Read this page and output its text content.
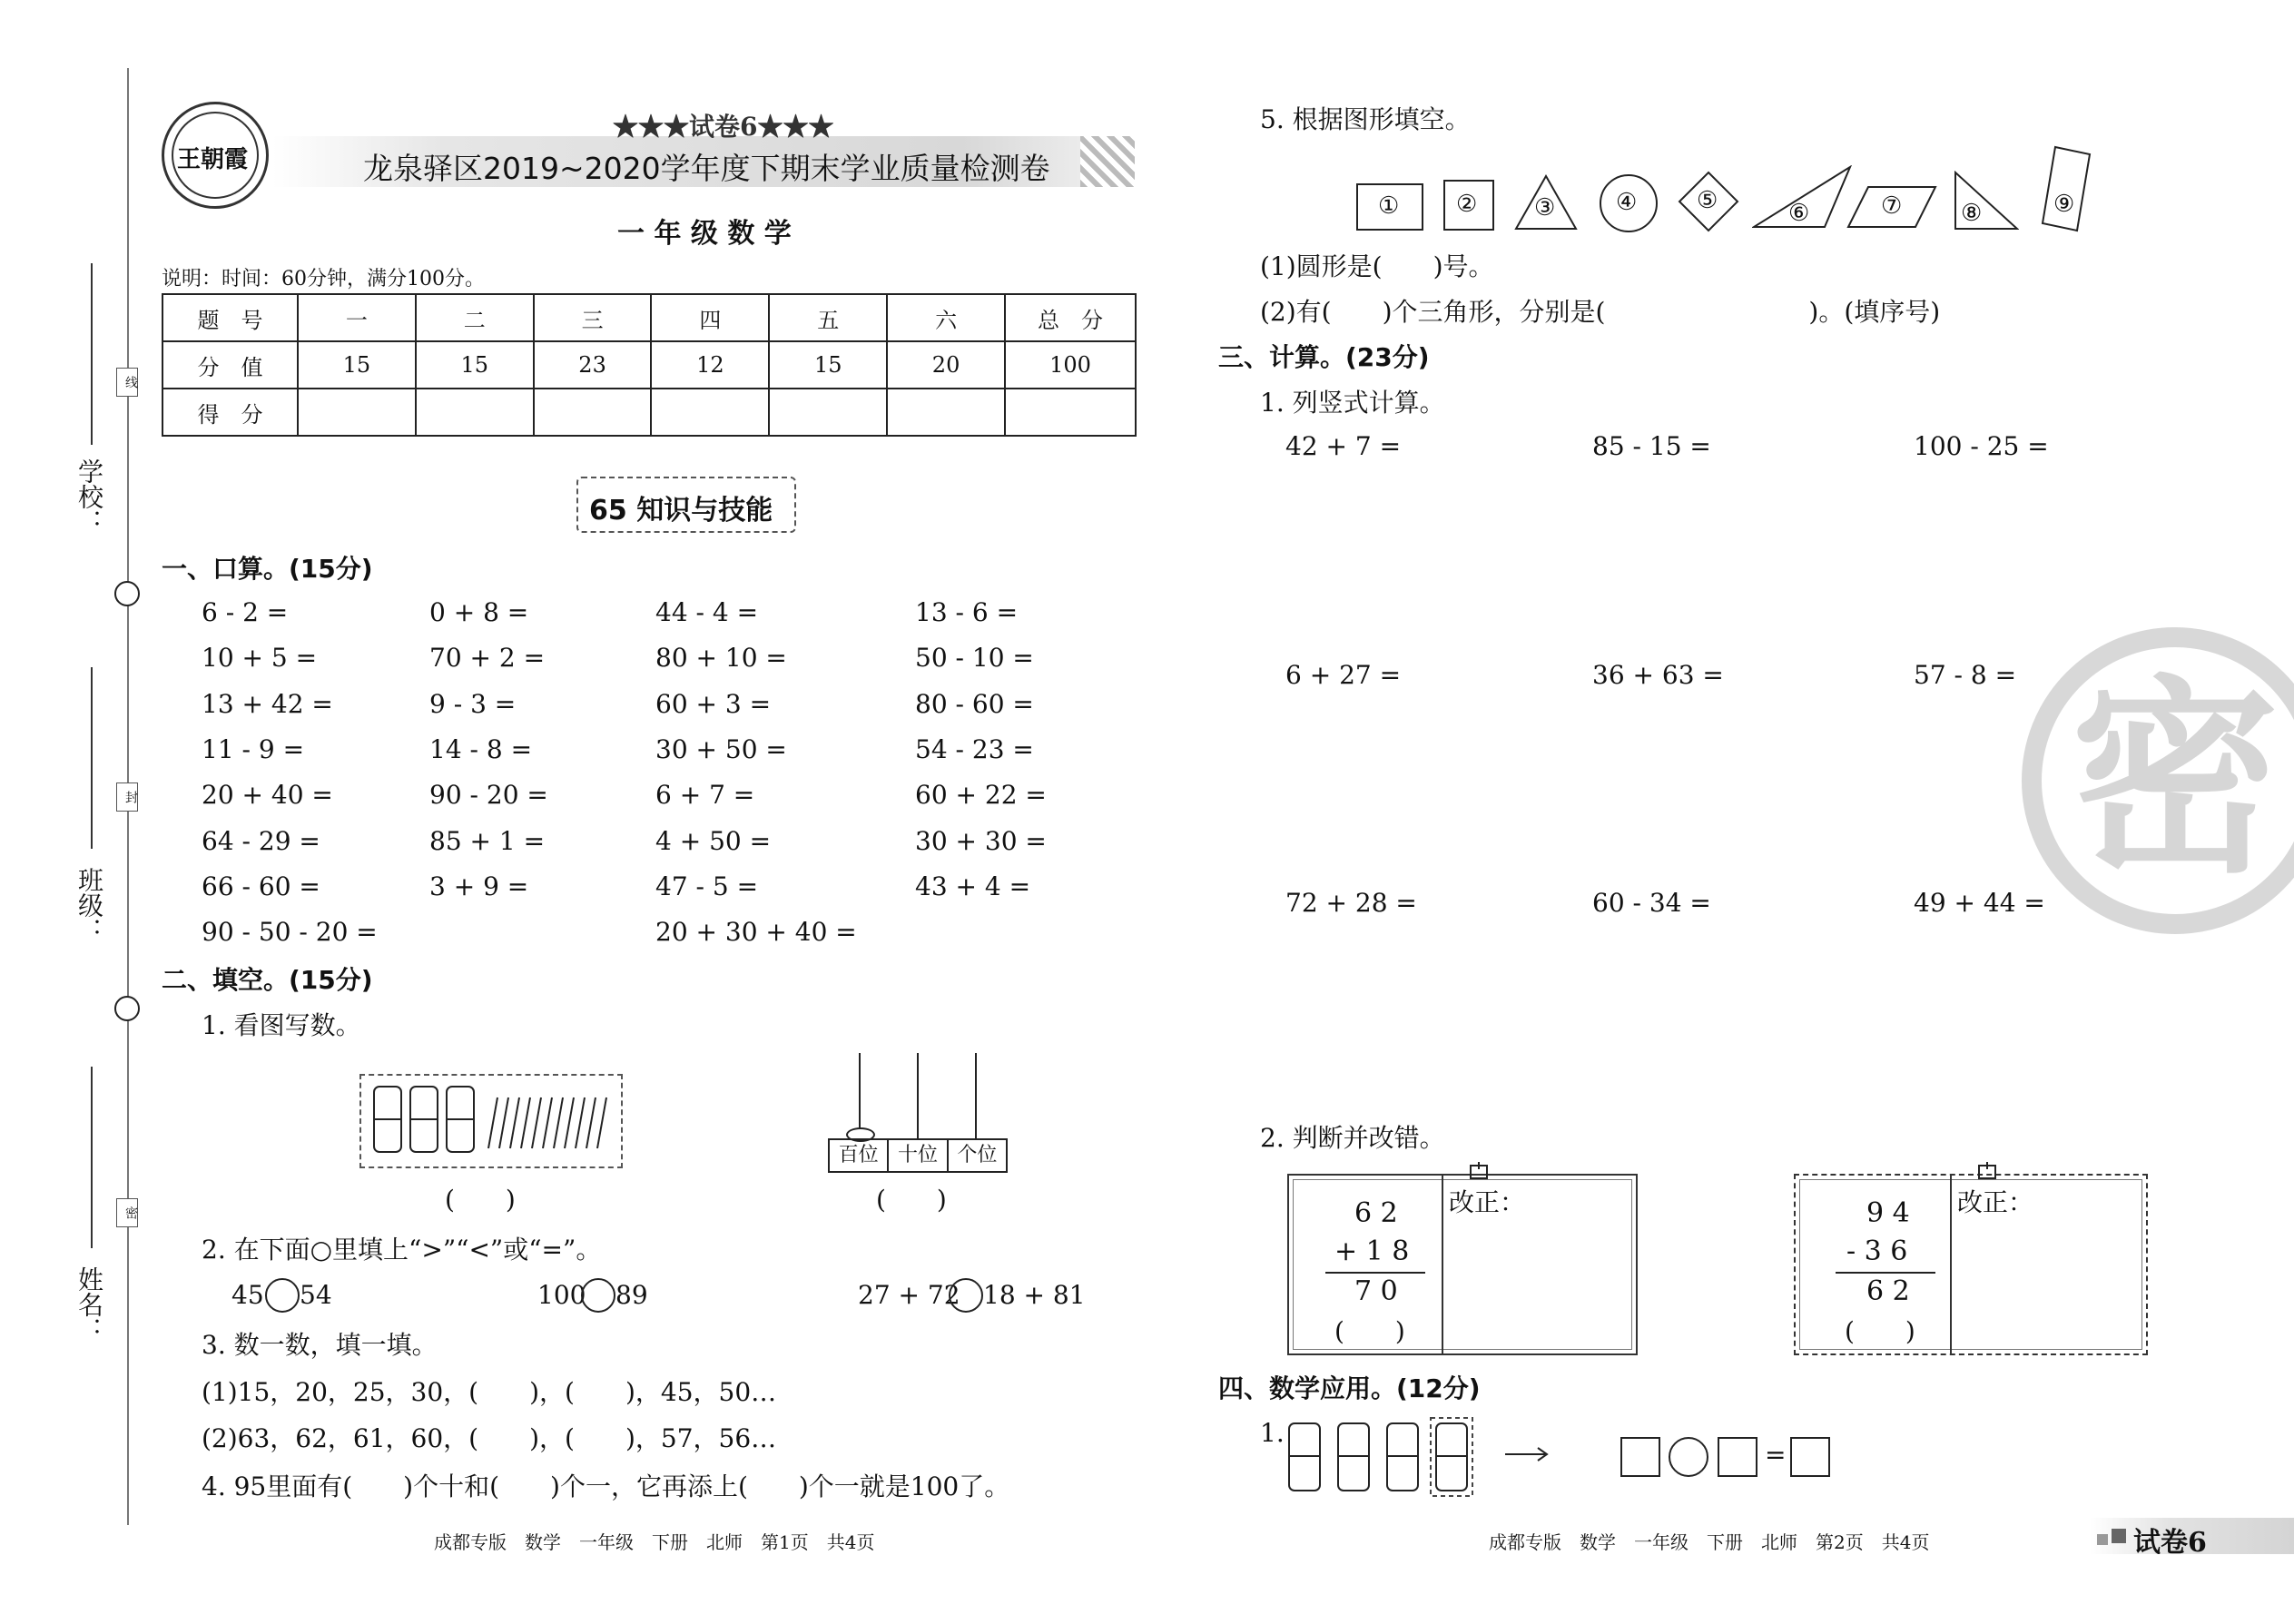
学校：
班级：
姓名：
线
封
密
王朝霞
★★★试卷6★★★
龙泉驿区2019~2020学年度下期末学业质量检测卷
一 年 级 数 学
说明：时间：60分钟，满分100分。
题　号	一	二	三	四	五	六	总　分
分　值	15	15	23	12	15	20	100
得　分							
65 知识与技能
一、口算。(15分)
6 - 2 =	0 + 8 =	44 - 4 =	13 - 6 =
10 + 5 =	70 + 2 =	80 + 10 =	50 - 10 =
13 + 42 =	9 - 3 =	60 + 3 =	80 - 60 =
11 - 9 =	14 - 8 =	30 + 50 =	54 - 23 =
20 + 40 =	90 - 20 =	6 + 7 =	60 + 22 =
64 - 29 =	85 + 1 =	4 + 50 =	30 + 30 =
66 - 60 =	3 + 9 =	47 - 5 =	43 + 4 =
90 - 50 - 20 =	20 + 30 + 40 =
二、填空。(15分)
1. 看图写数。
(　　)
百位 十位 个位
(　　)
2. 在下面○里填上“>”“<”或“=”。
45 54	100 89	27 + 72 18 + 81
3. 数一数，填一填。
(1)15，20，25，30，(　　)，(　　)，45，50…
(2)63，62，61，60，(　　)，(　　)，57，56…
4. 95里面有(　　)个十和(　　)个一，它再添上(　　)个一就是100了。
成都专版　数学　一年级　下册　北师　第1页　共4页
5. 根据图形填空。
① ② ③	④	⑤	⑥	⑦ ⑧	⑨
(1)圆形是(　　)号。
(2)有(　　)个三角形，分别是(　　　　　　　　)。(填序号)
三、计算。(23分)
1. 列竖式计算。
42 + 7 =	85 - 15 =	100 - 25 =
6 + 27 =	36 + 63 =	57 - 8 =
72 + 28 =	60 - 34 =	49 + 44 =
密
2. 判断并改错。
改正：
6 2
+ 1 8
7 0
(　　)
改正：
9 4
- 3 6
6 2
(　　)
四、数学应用。(12分)
1.
=
成都专版　数学　一年级　下册　北师　第2页　共4页	试卷6
